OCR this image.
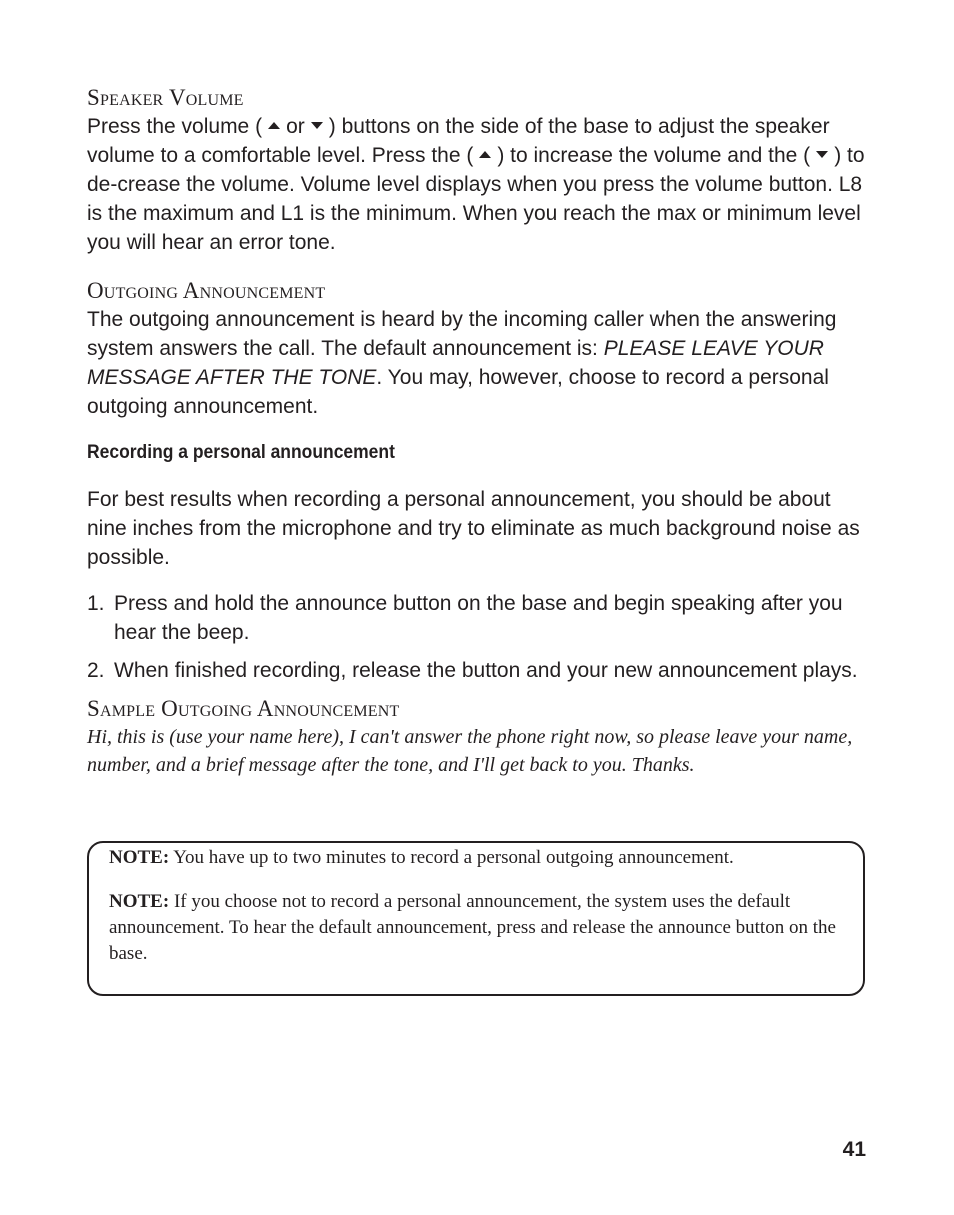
Speaker Volume

Press the volume ( or ) buttons on the side of the base to adjust the speaker volume to a comfortable level. Press the ( ) to increase the volume and the ( ) to de-crease the volume. Volume level displays when you press the volume button. L8 is the maximum and L1 is the minimum. When you reach the max or minimum level you will hear an error tone.

Outgoing Announcement

The outgoing announcement is heard by the incoming caller when the answering system answers the call. The default announcement is: PLEASE LEAVE YOUR MESSAGE AFTER THE TONE. You may, however, choose to record a personal outgoing announcement.

Recording a personal announcement

For best results when recording a personal announcement, you should be about nine inches from the microphone and try to eliminate as much background noise as possible.

1. Press and hold the announce button on the base and begin speaking after you hear the beep.
2. When finished recording, release the button and your new announcement plays.
Sample Outgoing Announcement

Hi, this is (use your name here), I can't answer the phone right now, so please leave your name, number, and a brief message after the tone, and I'll get back to you. Thanks.

NOTE: You have up to two minutes to record a personal outgoing announcement.

NOTE: If you choose not to record a personal announcement, the system uses the default announcement. To hear the default announcement, press and release the announce button on the base.

41
